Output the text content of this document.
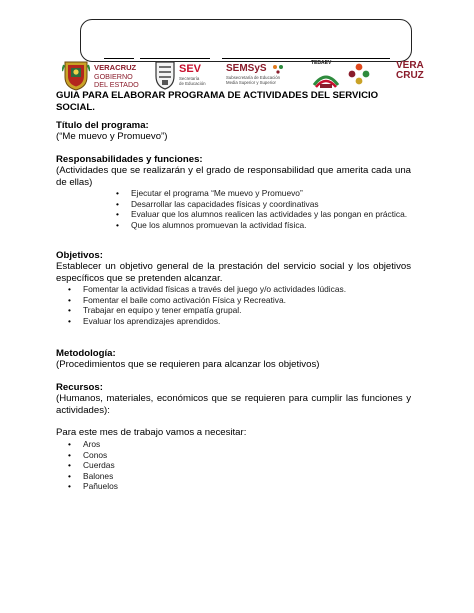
VERACRUZ
GOBIERNO
DEL ESTADO
SEV
Secretaría
de Educación
SEMSyS
Subsecretaría de Educación
Media Superior y Superior
TEBAEV	VERA
CRUZ
GUIA PARA ELABORAR PROGRAMA DE ACTIVIDADES DEL SERVICIO SOCIAL.
Título del programa:
(“Me muevo y Promuevo”)
Responsabilidades y funciones:
(Actividades que se realizarán y el grado de responsabilidad que amerita cada una de ellas)
• Ejecutar el programa “Me muevo y Promuevo”
• Desarrollar las capacidades físicas y coordinativas
• Evaluar que los alumnos realicen las actividades y las pongan en práctica.
• Que los alumnos promuevan la actividad física.
Objetivos:
Establecer un objetivo general de la prestación del servicio social y los objetivos específicos que se pretenden alcanzar.
• Fomentar la actividad físicas a través del juego y/o actividades lúdicas.
• Fomentar el baile como activación Física y Recreativa.
• Trabajar en equipo y tener empatía grupal.
• Evaluar los aprendizajes aprendidos.
Metodología:
(Procedimientos que se requieren para alcanzar los objetivos)
Recursos:
(Humanos, materiales, económicos que se requieren para cumplir las funciones y actividades):
Para este mes de trabajo vamos a necesitar:
• Aros
• Conos
• Cuerdas
• Balones
• Pañuelos
